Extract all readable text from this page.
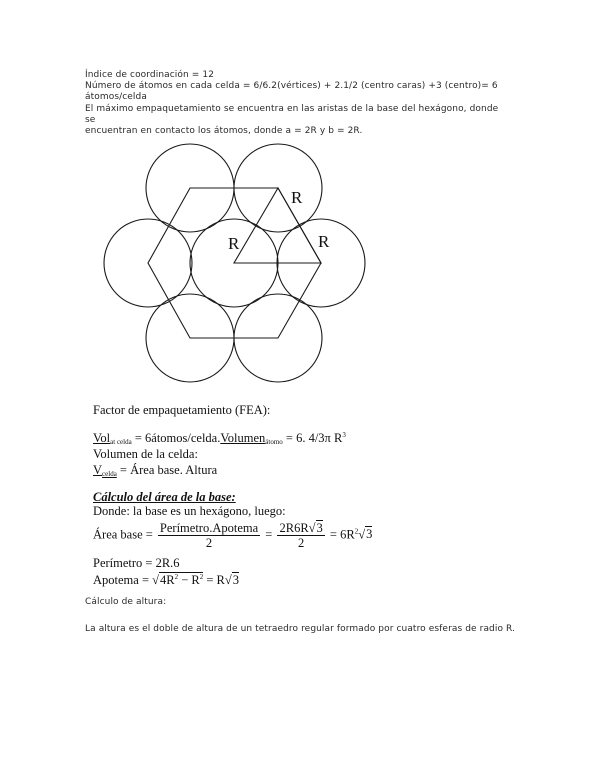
Índice de coordinación = 12

Número de átomos en cada celda = 6/6.2(vértices) + 2.1/2 (centro caras) +3 (centro)= 6

átomos/celda

El máximo empaquetamiento se encuentra en las aristas de la base del hexágono, donde se

encuentran en contacto los átomos, donde a = 2R y b = 2R.

R
R	R
Factor de empaquetamiento (FEA):
Vol$_{at celda}$ = 6átomos/celda.Volumen$_{átomo}$ = 6. 4/3π $R^3$
Volumen de la celda:
$V_{celda}$ = Área base. Altura
Cálculo del área de la base:
Donde: la base es un hexágono, luego:
Área base = $\frac{\text{Perímetro.Apotema}}{2} = \frac{2R6R√3}{2} = 6R^2√3$
Perímetro = 2R.6
Apotema = $√4R^2 - R^2 = R√3$
Cálculo de altura:
La altura es el doble de altura de un tetraedro regular formado por cuatro esferas de radio R.
